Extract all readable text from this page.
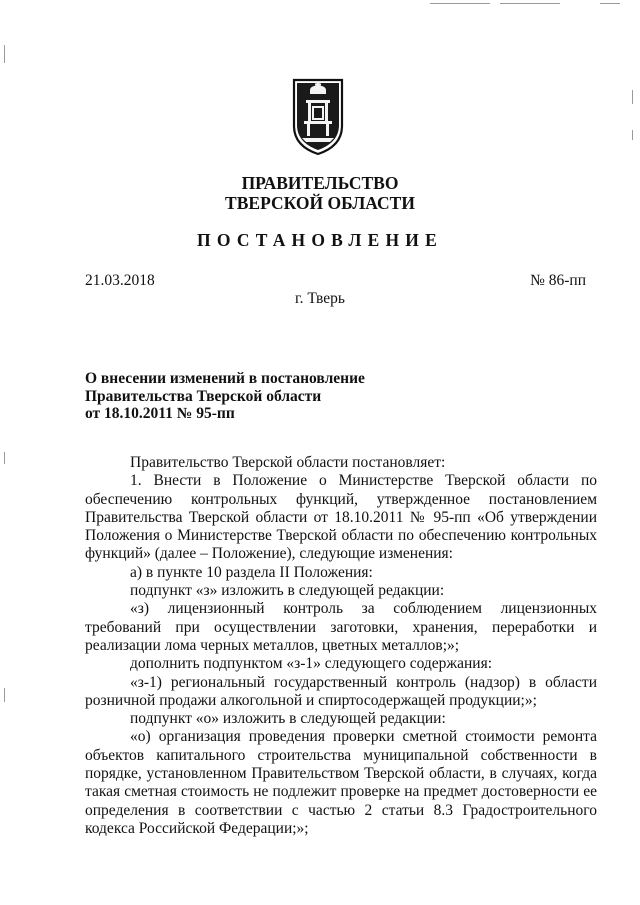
ПРАВИТЕЛЬСТВО
ТВЕРСКОЙ ОБЛАСТИ
ПОСТАНОВЛЕНИЕ
21.03.2018	№ 86-пп
г. Тверь
О внесении изменений в постановление
Правительства Тверской области
от 18.10.2011 № 95-пп

Правительство Тверской области постановляет:

1. Внести в Положение о Министерстве Тверской области по обеспечению контрольных функций, утвержденное постановлением Правительства Тверской области от 18.10.2011 № 95-пп «Об утверждении Положения о Министерстве Тверской области по обеспечению контрольных функций» (далее – Положение), следующие изменения:

а) в пункте 10 раздела II Положения:

подпункт «з» изложить в следующей редакции:

«з) лицензионный контроль за соблюдением лицензионных требований при осуществлении заготовки, хранения, переработки и реализации лома черных металлов, цветных металлов;»;

дополнить подпунктом «з-1» следующего содержания:

«з-1) региональный государственный контроль (надзор) в области розничной продажи алкогольной и спиртосодержащей продукции;»;

подпункт «о» изложить в следующей редакции:

«о) организация проведения проверки сметной стоимости ремонта объектов капитального строительства муниципальной собственности в порядке, установленном Правительством Тверской области, в случаях, когда такая сметная стоимость не подлежит проверке на предмет достоверности ее определения в соответствии с частью 2 статьи 8.3 Градостроительного кодекса Российской Федерации;»;
